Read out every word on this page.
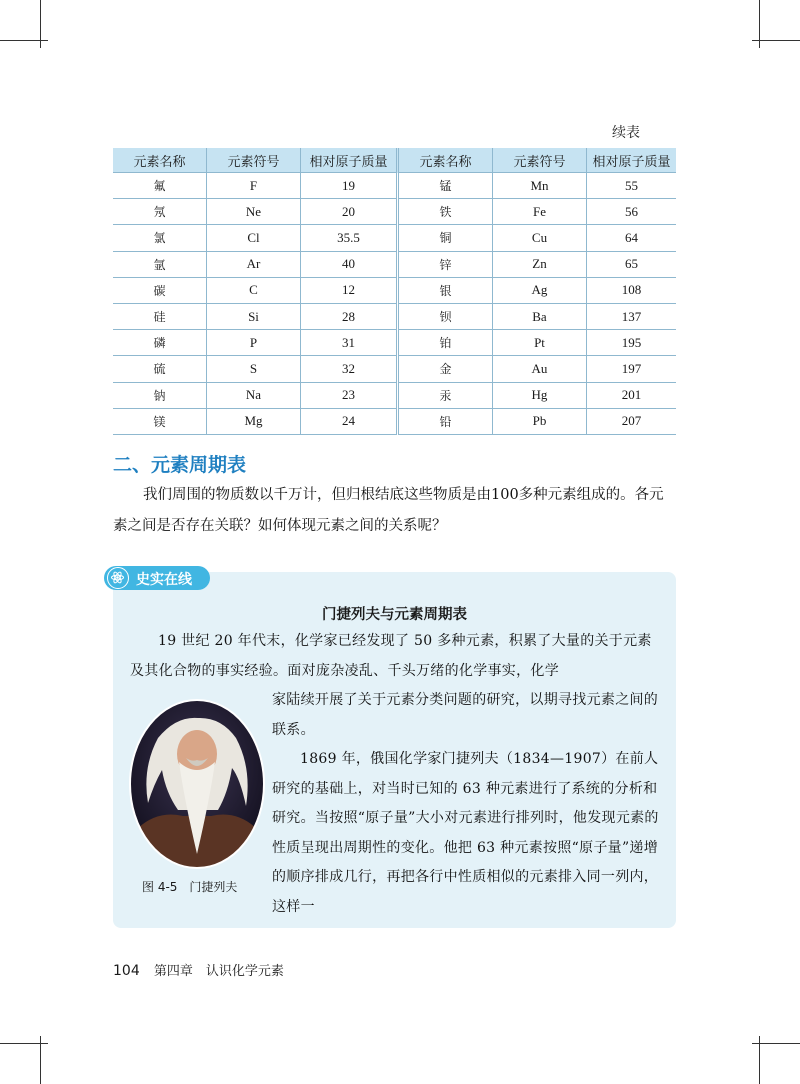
续表
元素名称	元素符号	相对原子质量	元素名称	元素符号	相对原子质量
氟	F	19	锰	Mn	55
氖	Ne	20	铁	Fe	56
氯	Cl	35.5	铜	Cu	64
氩	Ar	40	锌	Zn	65
碳	C	12	银	Ag	108
硅	Si	28	钡	Ba	137
磷	P	31	铂	Pt	195
硫	S	32	金	Au	197
钠	Na	23	汞	Hg	201
镁	Mg	24	铅	Pb	207
二、元素周期表

我们周围的物质数以千万计，但归根结底这些物质是由100多种元素组成的。各元素之间是否存在关联？如何体现元素之间的关系呢？

史实在线
门捷列夫与元素周期表

19 世纪 20 年代末，化学家已经发现了 50 多种元素，积累了大量的关于元素及其化合物的事实经验。面对庞杂凌乱、千头万绪的化学事实，化学

家陆续开展了关于元素分类问题的研究，以期寻找元素之间的联系。

1869 年，俄国化学家门捷列夫（1834—1907）在前人研究的基础上，对当时已知的 63 种元素进行了系统的分析和研究。当按照“原子量”大小对元素进行排列时，他发现元素的性质呈现出周期性的变化。他把 63 种元素按照“原子量”递增的顺序排成几行，再把各行中性质相似的元素排入同一列内，这样一

图 4-5　门捷列夫
104 第四章　认识化学元素
